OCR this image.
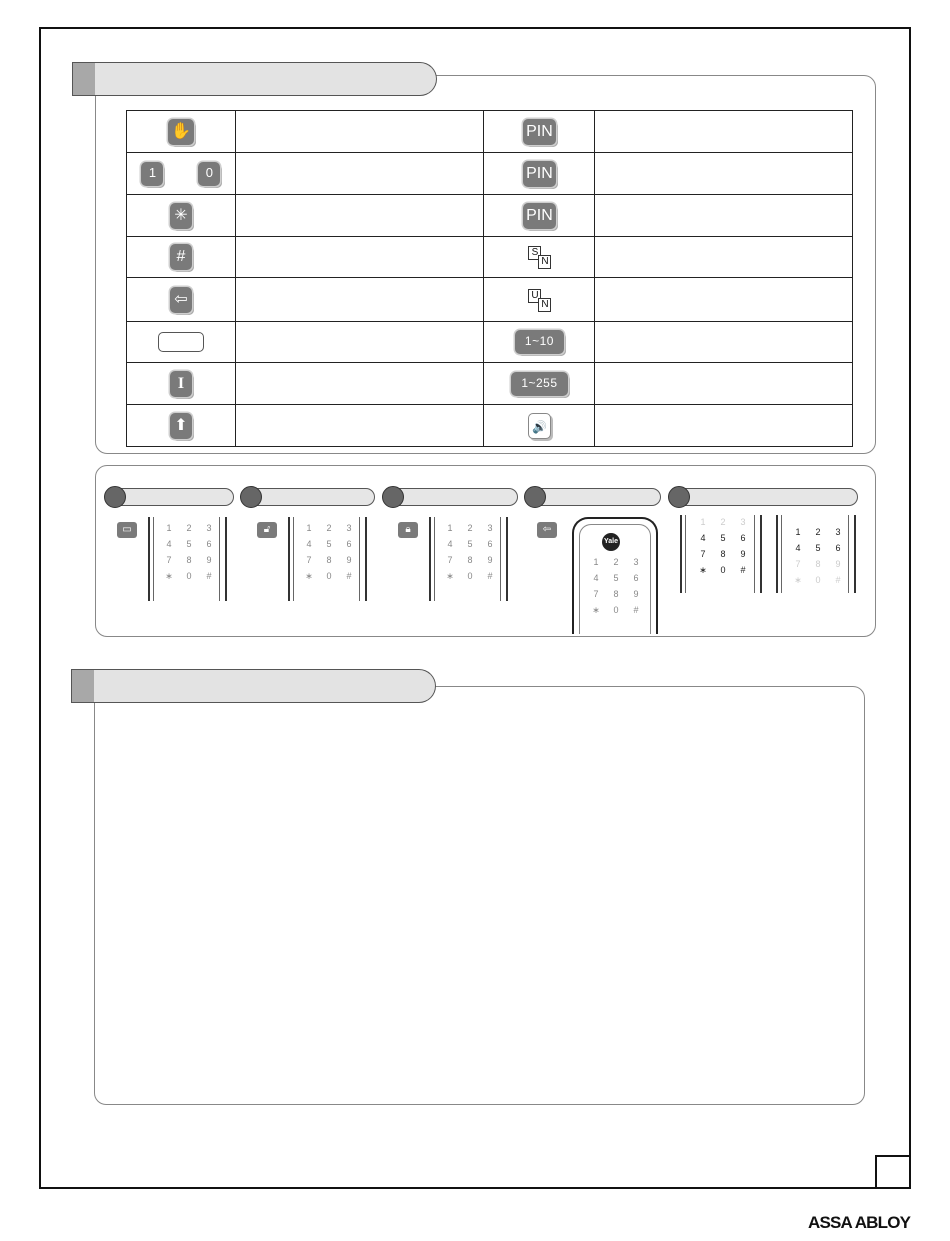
✋		PIN	
1 0		PIN	
✳		PIN	
#		S
N	

⇦		U
N	

		1~10	
I		1~255	
⬆		🔊	
▭	🔓︎	🔒︎	⇦
1	2	3
4	5	6
7	8	9
∗	0	#
1	2	3
4	5	6
7	8	9
∗	0	#
1	2	3
4	5	6
7	8	9
∗	0	#
Yale
1	2	3
4	5	6
7	8	9
∗	0	#
1	2	3
4	5	6
7	8	9
∗	0	#
1	2	3
4	5	6
7	8	9
∗	0	#
ASSA ABLOY
